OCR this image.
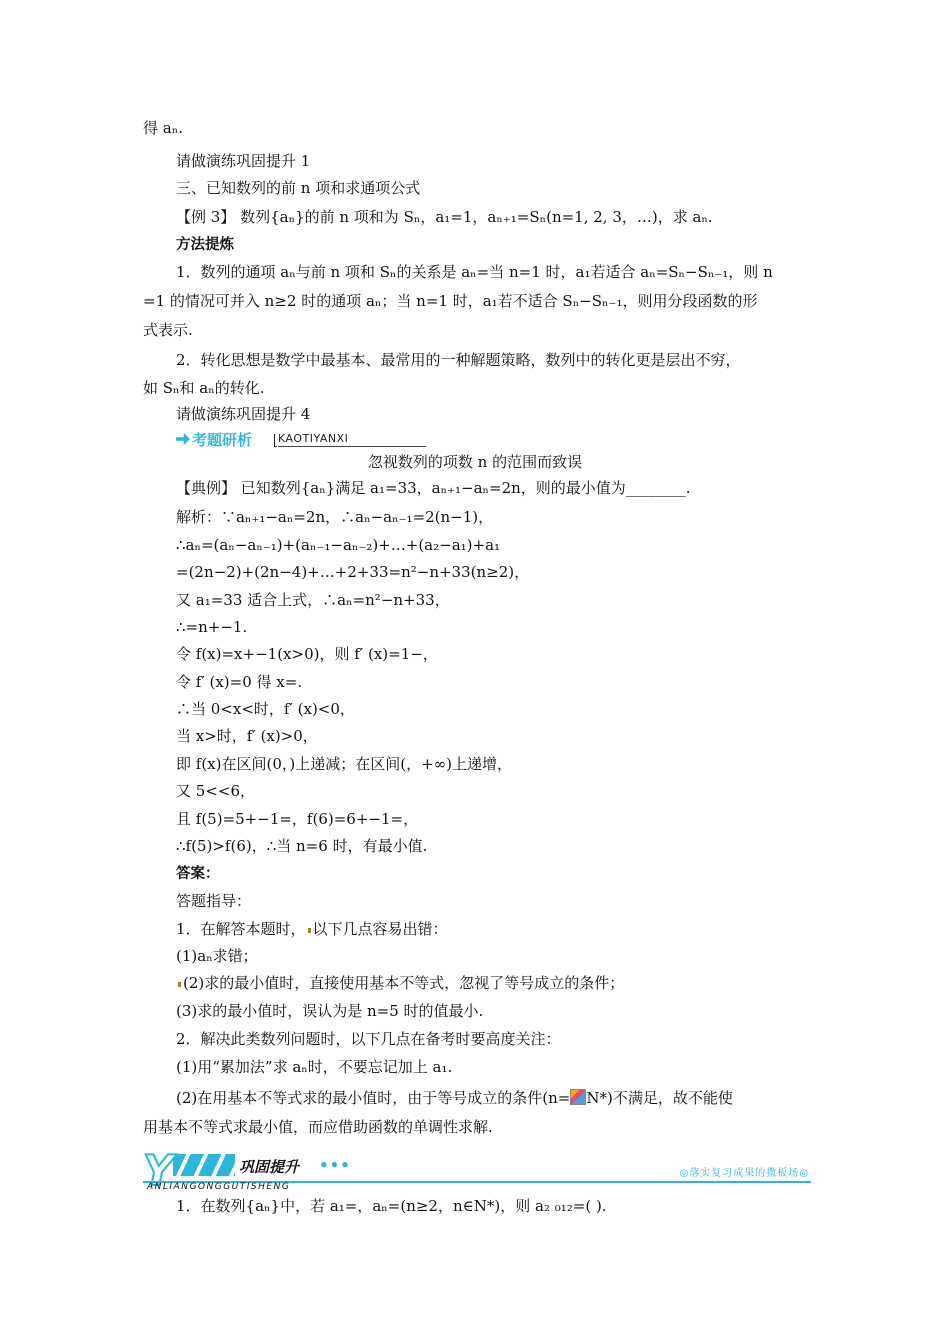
得 aₙ.
请做演练巩固提升 1
三、已知数列的前 n 项和求通项公式
【例 3】 数列{aₙ}的前 n 项和为 Sₙ，a₁=1，aₙ₊₁=Sₙ(n=1, 2, 3，…)，求 aₙ.
方法提炼
1．数列的通项 aₙ与前 n 项和 Sₙ的关系是 aₙ=当 n=1 时，a₁若适合 aₙ=Sₙ−Sₙ₋₁，则 n
=1 的情况可并入 n≥2 时的通项 aₙ；当 n=1 时，a₁若不适合 Sₙ−Sₙ₋₁，则用分段函数的形
式表示.
2．转化思想是数学中最基本、最常用的一种解题策略，数列中的转化更是层出不穷，
如 Sₙ和 aₙ的转化.
请做演练巩固提升 4
考题研析 KAOTIYANXI
忽视数列的项数 n 的范围而致误
【典例】 已知数列{aₙ}满足 a₁=33，aₙ₊₁−aₙ=2n，则的最小值为________.
解析：∵aₙ₊₁−aₙ=2n，∴aₙ−aₙ₋₁=2(n−1)，
∴aₙ=(aₙ−aₙ₋₁)+(aₙ₋₁−aₙ₋₂)+…+(a₂−a₁)+a₁
=(2n−2)+(2n−4)+…+2+33=n²−n+33(n≥2)，
又 a₁=33 适合上式，∴aₙ=n²−n+33，
∴=n+−1.
令 f(x)=x+−1(x>0)，则 f′ (x)=1−，
令 f′ (x)=0 得 x=.
∴当 0<x<时，f′ (x)<0，
当 x>时，f′ (x)>0，
即 f(x)在区间(0，)上递减；在区间(，+∞)上递增，
又 5<<6，
且 f(5)=5+−1=，f(6)=6+−1=，
∴f(5)>f(6)，∴当 n=6 时，有最小值.
答案：
答题指导：
1．在解答本题时， 以下几点容易出错：
(1)aₙ求错；
(2)求的最小值时，直接使用基本不等式，忽视了等号成立的条件；
(3)求的最小值时，误认为是 n=5 时的值最小.
2．解决此类数列问题时，以下几点在备考时要高度关注：
(1)用“累加法”求 aₙ时，不要忘记加上 a₁.
(2)在用基本不等式求的最小值时，由于等号成立的条件(n= N*)不满足，故不能使
用基本不等式求最小值，而应借助函数的单调性求解.
Y	巩固提升 •••	◎落实复习成果的撒板场◎
ANLIANGONGGUTISHENG
1．在数列{aₙ}中，若 a₁=，aₙ=(n≥2，n∈N*)，则 a₂ ₀₁₂=( ).
